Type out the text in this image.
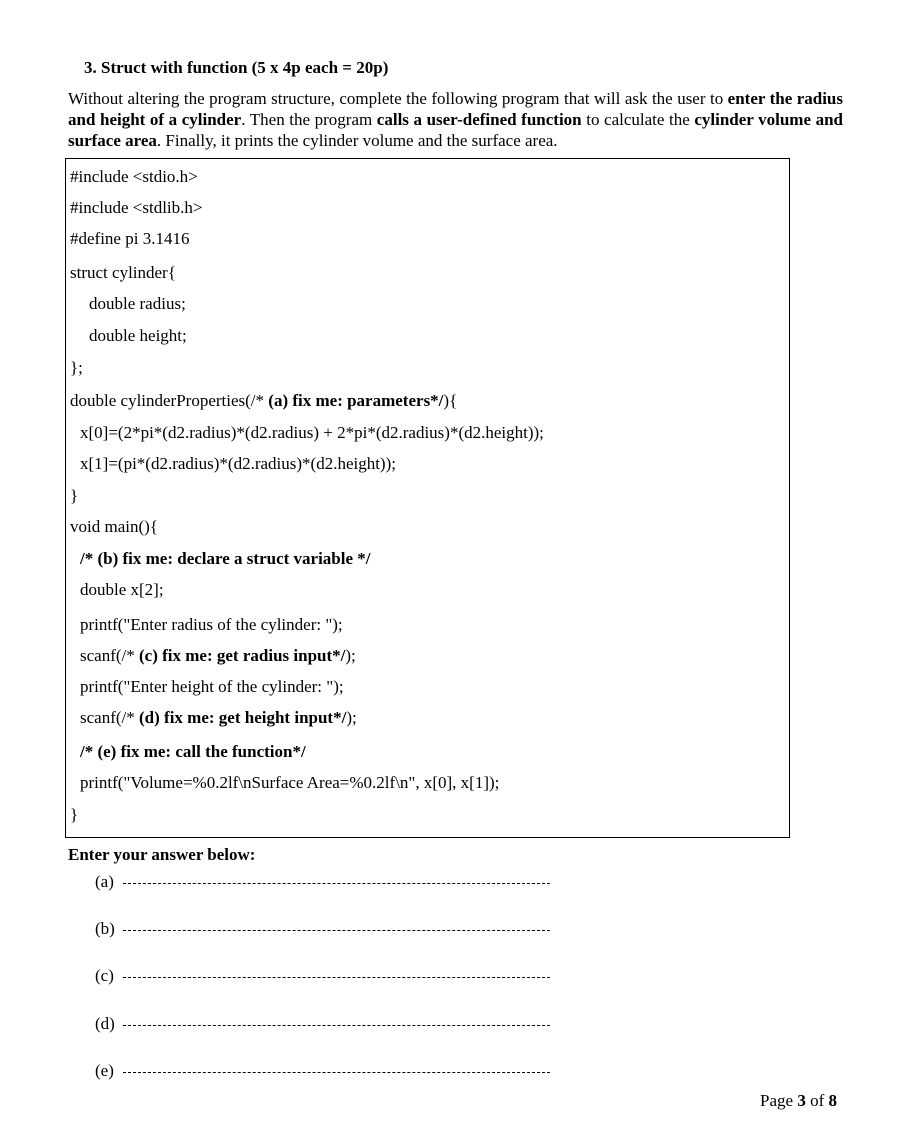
3. Struct with function (5 x 4p each = 20p)

Without altering the program structure, complete the following program that will ask the user to enter the radius and height of a cylinder. Then the program calls a user-defined function to calculate the cylinder volume and surface area. Finally, it prints the cylinder volume and the surface area.

#include <stdio.h>
#include <stdlib.h>
#define pi 3.1416
struct cylinder{
double radius;
double height;
};
double cylinderProperties(/* (a) fix me: parameters*/){
x[0]=(2*pi*(d2.radius)*(d2.radius) + 2*pi*(d2.radius)*(d2.height));
x[1]=(pi*(d2.radius)*(d2.radius)*(d2.height));
}
void main(){
/* (b) fix me: declare a struct variable */
double x[2];
printf("Enter radius of the cylinder: ");
scanf(/* (c) fix me: get radius input*/);
printf("Enter height of the cylinder: ");
scanf(/* (d) fix me: get height input*/);
/* (e) fix me: call the function*/
printf("Volume=%0.2lf\nSurface Area=%0.2lf\n", x[0], x[1]);
}
Enter your answer below:
(a)
(b)
(c)
(d)
(e)
Page 3 of 8
